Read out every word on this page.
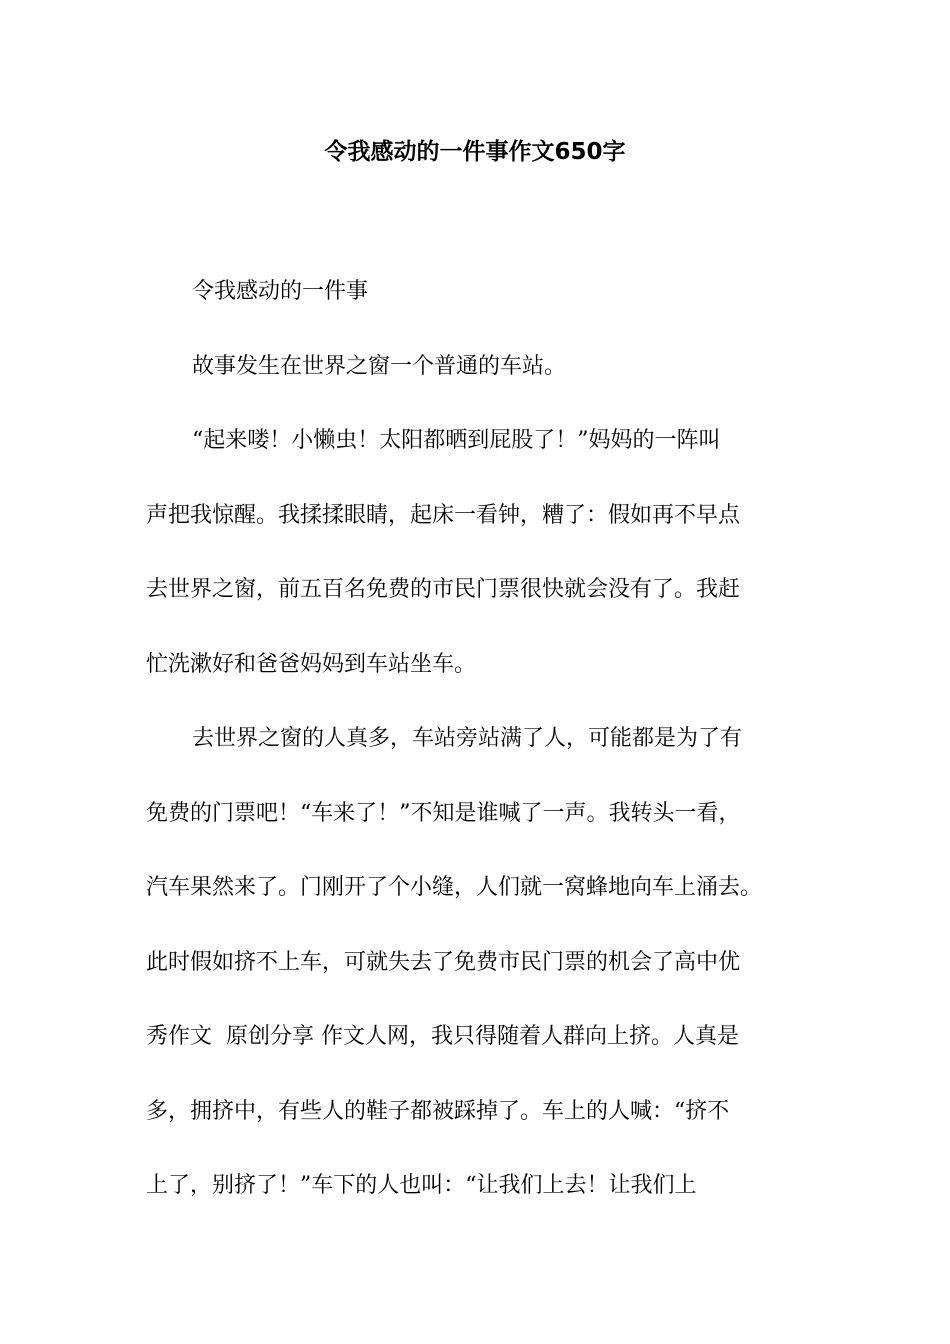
令我感动的一件事作文650字
令我感动的一件事
故事发生在世界之窗一个普通的车站。
“起来喽！小懒虫！太阳都晒到屁股了！”妈妈的一阵叫
声把我惊醒。我揉揉眼睛，起床一看钟，糟了：假如再不早点
去世界之窗，前五百名免费的市民门票很快就会没有了。我赶
忙洗漱好和爸爸妈妈到车站坐车。
去世界之窗的人真多，车站旁站满了人，可能都是为了有
免费的门票吧！“车来了！”不知是谁喊了一声。我转头一看，
汽车果然来了。门刚开了个小缝，人们就一窝蜂地向车上涌去。
此时假如挤不上车，可就失去了免费市民门票的机会了高中优
秀作文  原创分享 作文人网，我只得随着人群向上挤。人真是
多，拥挤中，有些人的鞋子都被踩掉了。车上的人喊：“挤不
上了，别挤了！”车下的人也叫：“让我们上去！让我们上
